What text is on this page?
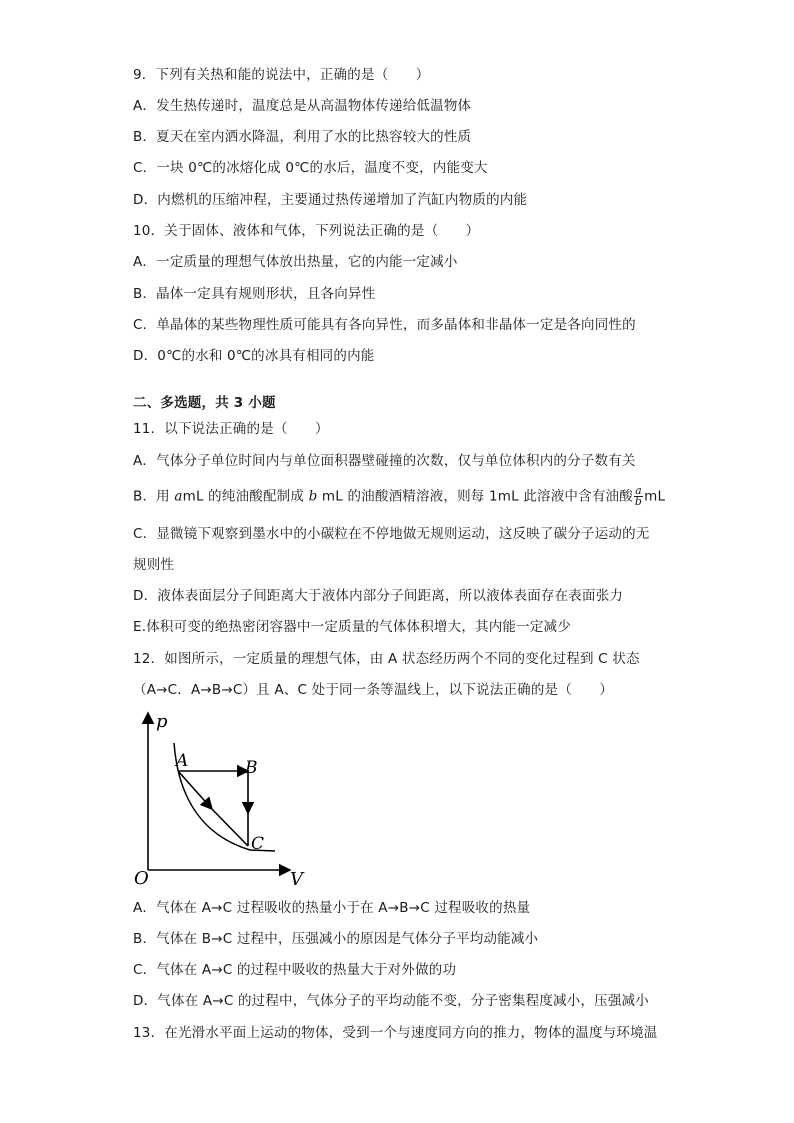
9．下列有关热和能的说法中，正确的是（　　）
A．发生热传递时，温度总是从高温物体传递给低温物体
B．夏天在室内洒水降温，利用了水的比热容较大的性质
C．一块 0℃的冰熔化成 0℃的水后，温度不变，内能变大
D．内燃机的压缩冲程，主要通过热传递增加了汽缸内物质的内能
10．关于固体、液体和气体，下列说法正确的是（　　）
A．一定质量的理想气体放出热量，它的内能一定减小
B．晶体一定具有规则形状，且各向异性
C．单晶体的某些物理性质可能具有各向异性，而多晶体和非晶体一定是各向同性的
D．0℃的水和 0℃的冰具有相同的内能
二、多选题，共 3 小题
11．以下说法正确的是（　　）
A．气体分子单位时间内与单位面积器壁碰撞的次数，仅与单位体积内的分子数有关
B．用 amL 的纯油酸配制成 b mL 的油酸酒精溶液，则每 1mL 此溶液中含有油酸 $\frac{a}{b}$ mL
C．显微镜下观察到墨水中的小碳粒在不停地做无规则运动，这反映了碳分子运动的无
规则性
D．液体表面层分子间距离大于液体内部分子间距离，所以液体表面存在表面张力
E.体积可变的绝热密闭容器中一定质量的气体体积增大，其内能一定减少
12．如图所示，一定质量的理想气体，由 A 状态经历两个不同的变化过程到 C 状态
（A→C．A→B→C）且 A、C 处于同一条等温线上，以下说法正确的是（　　）
p
V
O
A	B
C
A．气体在 A→C 过程吸收的热量小于在 A→B→C 过程吸收的热量
B．气体在 B→C 过程中，压强减小的原因是气体分子平均动能减小
C．气体在 A→C 的过程中吸收的热量大于对外做的功
D．气体在 A→C 的过程中，气体分子的平均动能不变，分子密集程度减小，压强减小
13．在光滑水平面上运动的物体，受到一个与速度同方向的推力，物体的温度与环境温
